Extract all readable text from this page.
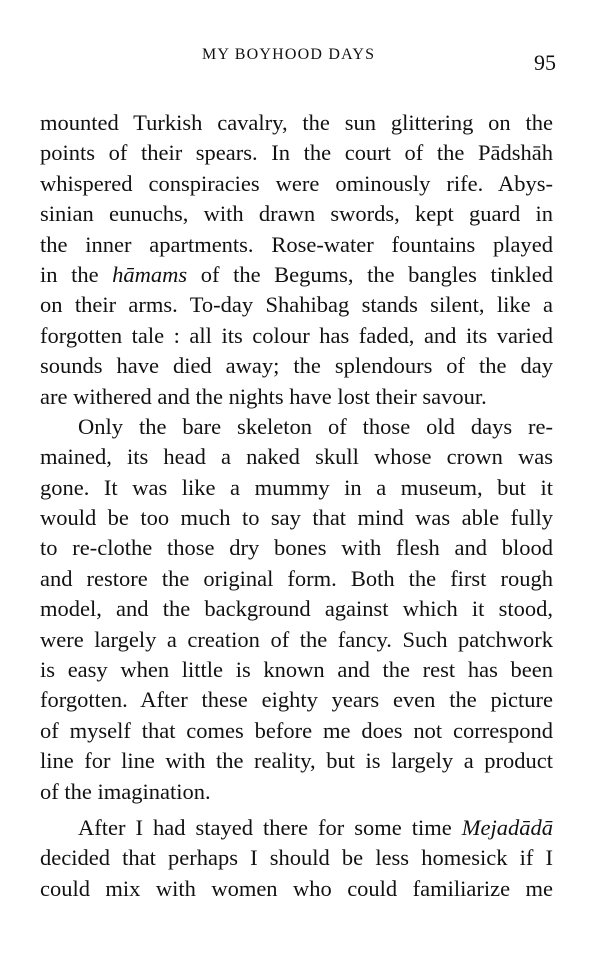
MY BOYHOOD DAYS	95
mounted Turkish cavalry, the sun glittering on the
points of their spears. In the court of the Pādshāh
whispered conspiracies were ominously rife. Abys-
sinian eunuchs, with drawn swords, kept guard in
the inner apartments. Rose-water fountains played
in the hāmams of the Begums, the bangles tinkled
on their arms. To-day Shahibag stands silent, like a
forgotten tale : all its colour has faded, and its varied
sounds have died away; the splendours of the day
are withered and the nights have lost their savour.
Only the bare skeleton of those old days re-
mained, its head a naked skull whose crown was
gone. It was like a mummy in a museum, but it
would be too much to say that mind was able fully
to re-clothe those dry bones with flesh and blood
and restore the original form. Both the first rough
model, and the background against which it stood,
were largely a creation of the fancy. Such patchwork
is easy when little is known and the rest has been
forgotten. After these eighty years even the picture
of myself that comes before me does not correspond
line for line with the reality, but is largely a product
of the imagination.
After I had stayed there for some time Mejadādā
decided that perhaps I should be less homesick if I
could mix with women who could familiarize me
